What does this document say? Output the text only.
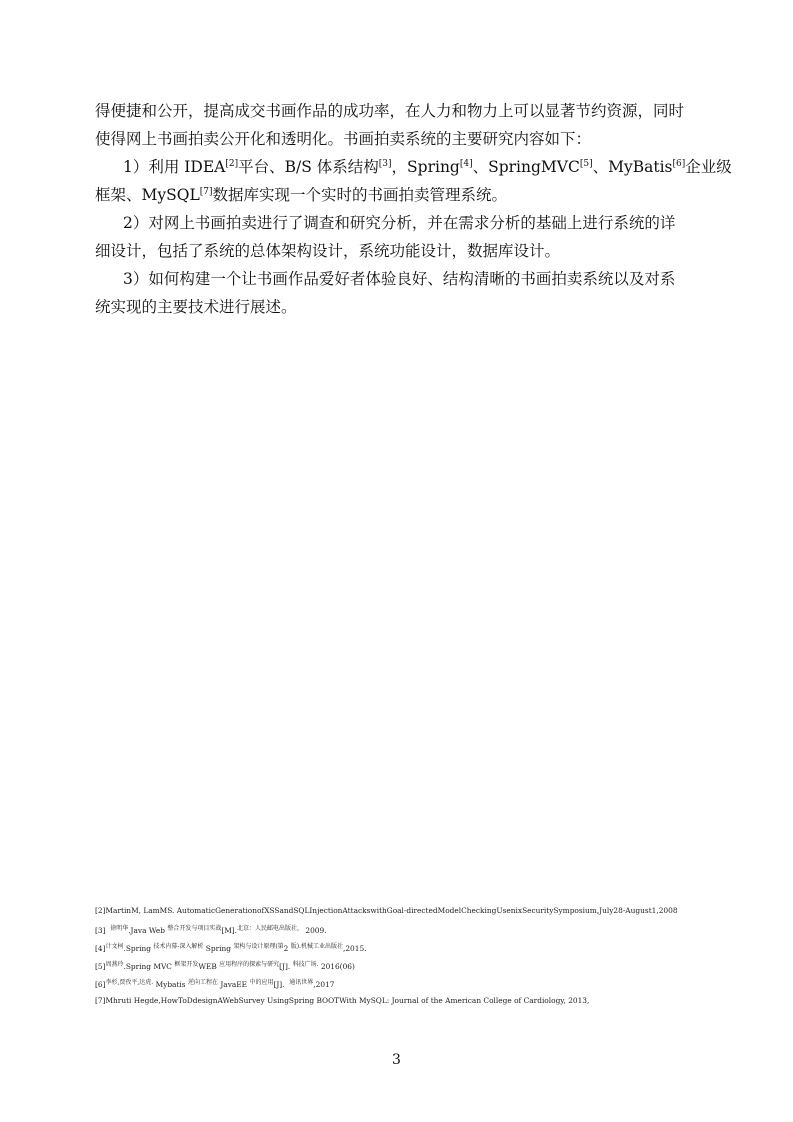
得便捷和公开，提高成交书画作品的成功率，在人力和物力上可以显著节约资源，同时
使得网上书画拍卖公开化和透明化。书画拍卖系统的主要研究内容如下：
1）利用 IDEA[2]平台、B/S 体系结构[3]，Spring[4]、SpringMVC[5]、MyBatis[6]企业级
框架、MySQL[7]数据库实现一个实时的书画拍卖管理系统。
2）对网上书画拍卖进行了调查和研究分析，并在需求分析的基础上进行系统的详
细设计，包括了系统的总体架构设计，系统功能设计，数据库设计。
3）如何构建一个让书画作品爱好者体验良好、结构清晰的书画拍卖系统以及对系
统实现的主要技术进行展述。
[2]MartinM, LamMS. AutomaticGenerationofXSSandSQLInjectionAttackswithGoal-directedModelCheckingUsenixSecuritySymposium,July28-August1,2008
[3] $^{徐明华}$.Java Web $^{整合开发与项目实战}$[M].$^{北京:人民邮电出版社,}$ 2009.
$[4]^{计文柯}.Spring$ $^{技术内幕-深入解析}$ Spring $^{架构与设计原理(第}$2 $^{版).机械工业出版社}$,2015.
$[5]^{周燕玲}.Spring$ MVC $^{框架开发}$WEB $^{应用程序的探索与研究}$[J]. $^{科技广场.}$ 2016(06)
$[6]^{李杉,贾孜平,达虎.}$ Mybatis $^{逆向工程在}$ JavaEE $^{中的应用}$[J]. $^{通讯世界}$,2017
[7]Mhruti Hegde,HowToDdesignAWebSurvey UsingSpring BOOTWith MySQL: Journal of the American College of Cardiology, 2013,
3
